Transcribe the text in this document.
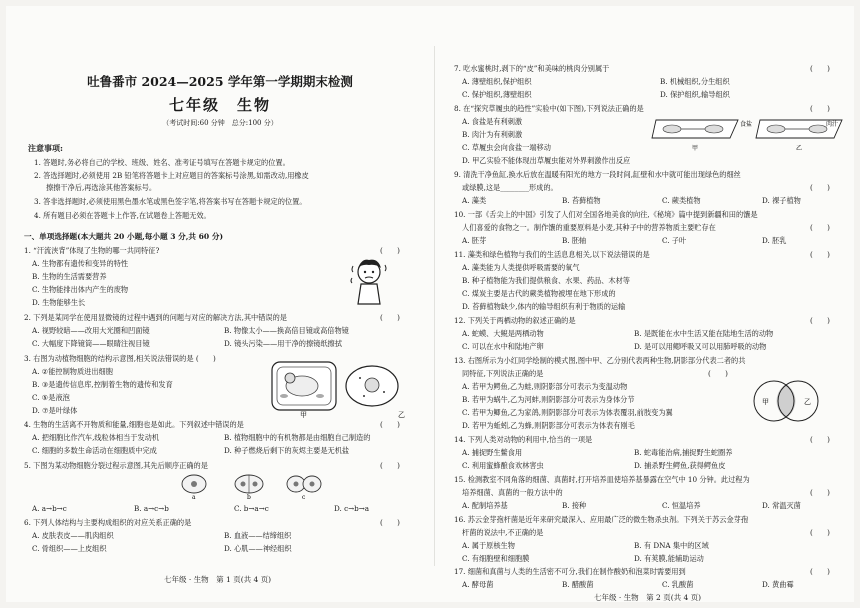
吐鲁番市 2024—2025 学年第一学期期末检测
七年级　生物
（考试时间:60 分钟　总分:100 分）
注意事项:
1. 答题时,务必将自己的学校、班级、姓名、准考证号填写在答题卡规定的位置。
2. 答选择题时,必须使用 2B 铅笔将答题卡上对应题目的答案标号涂黑,如需改动,用橡皮
擦擦干净后,再选涂其他答案标号。
3. 答非选择题时,必须使用黑色墨水笔或黑色签字笔,将答案书写在答题卡规定的位置。
4. 所有题目必须在答题卡上作答,在试题卷上答题无效。
一、单项选择题(本大题共 20 小题,每小题 3 分,共 60 分)
1. “汗流浃背”体现了生物的哪一共同特征?	(　　)
A. 生物都有遗传和变异的特性
B. 生物的生活需要营养
C. 生物能排出体内产生的废物
D. 生物能够生长
2. 下列是某同学在使用显微镜的过程中遇到的问题与对应的解决方法,其中错误的是	(　　)
A. 视野较暗——改用大光圈和凹面镜	B. 物像太小——换高倍目镜或高倍物镜
C. 大幅度下降镜筒——眼睛注视目镜	D. 镜头污染——用干净的擦镜纸擦拭
3. 右图为动植物细胞的结构示意图,相关说法错误的是 (　　)
A. ②能控制物质进出细胞
B. ③是遗传信息库,控制着生物的遗传和发育
C. ⑤是液泡
D. ⑦是叶绿体	甲	乙
4. 生物的生活离不开物质和能量,细胞也是如此。下列叙述中错误的是	(　　)
A. 把细胞比作汽车,线粒体相当于发动机	B. 植物细胞中的有机物都是由细胞自己制造的
C. 细胞的多数生命活动在细胞质中完成	D. 种子燃烧后剩下的灰烬主要是无机盐
5. 下图为某动物细胞分裂过程示意图,其先后顺序正确的是	(　　)
a	b	c
A. a→b→c	B. a→c→b	C. b→a→c	D. c→b→a
6. 下列人体结构与主要构成组织的对应关系正确的是	(　　)
A. 皮肤表皮——肌肉组织	B. 血液——结缔组织
C. 骨组织——上皮组织	D. 心肌——神经组织
七年级 · 生物　第 1 页(共 4 页)
7. 吃水蜜桃时,剥下的“皮”和美味的桃肉分别属于	(　　)
A. 薄壁组织,保护组织	B. 机械组织,分生组织
C. 保护组织,薄壁组织	D. 保护组织,输导组织
8. 在“探究草履虫的趋性”实验中(如下图),下列说法正确的是	(　　)
A. 食盐是有利刺激
B. 肉汁为有利刺激
C. 草履虫会向食盐一端移动
D. 甲乙实验不能体现出草履虫能对外界刺激作出反应
食盐	肉汁
甲	乙
9. 清洗干净鱼缸,换水后放在温暖有阳光的地方一段时间,缸壁和水中就可能出现绿色的细丝
或绿膜,这是________形成的。	(　　)
A. 藻类	B. 苔藓植物	C. 蕨类植物	D. 裸子植物
10. 一部《舌尖上的中国》引发了人们对全国各地美食的向往,《秘境》篇中提到新疆和田的馕是
人们喜爱的食物之一。制作馕的重要原料是小麦,其种子中的营养物质主要贮存在	(　　)
A. 胚芽	B. 胚轴	C. 子叶	D. 胚乳
11. 藻类和绿色植物与我们的生活息息相关,以下说法错误的是	(　　)
A. 藻类能为人类提供呼吸需要的氧气
B. 种子植物能为我们提供粮食、水果、药品、木材等
C. 煤炭主要是古代的蕨类植物被埋在地下形成的
D. 苔藓植物缺少,体内的输导组织有利于物质的运输
12. 下列关于两栖动物的叙述正确的是	(　　)
A. 蛇蟆、大鲵是两栖动物	B. 是既能在水中生活又能在陆地生活的动物
C. 可以在水中和陆地产卵	D. 是可以用鳃呼吸又可以用肺呼吸的动物
13. 右图所示为小红同学绘制的模式图,图中甲、乙分别代表两种生物,阴影部分代表二者的共
同特征,下列说法正确的是	(　　)
A. 若甲为鳄鱼,乙为蛙,则阴影部分可表示为变温动物
B. 若甲为蜗牛,乙为河蚌,则阴影部分可表示为身体分节
C. 若甲为鲫鱼,乙为家鸽,则阴影部分可表示为体表覆羽,前肢变为翼
D. 若甲为蚯蚓,乙为蜂,则阴影部分可表示为体表有刚毛
甲	乙
14. 下列人类对动物的利用中,恰当的一项是	(　　)
A. 捕捉野生鳖食用	B. 蛇毒能治病,捕捉野生蛇圈养
C. 利用蜜蜂酿食欢林害虫	D. 捕杀野生鳄鱼,获得鳄鱼皮
15. 检测教室不同角落的细菌、真菌时,打开培养皿使培养基暴露在空气中 10 分钟。此过程为
培养细菌、真菌的一般方法中的	(　　)
A. 配制培养基	B. 接种	C. 恒温培养	D. 常温灭菌
16. 苏云金芽孢杆菌是近年来研究最深入、应用最广泛的微生物杀虫剂。下列关于苏云金芽孢
杆菌的说法中,不正确的是	(　　)
A. 属于原核生物	B. 有 DNA 集中的区域
C. 有细胞壁和细胞膜	D. 有荚膜,能辅助运动
17. 细菌和真菌与人类的生活密不可分,我们在制作酸奶和泡菜时需要用到	(　　)
A. 酵母菌	B. 醋酸菌	C. 乳酸菌	D. 黄曲霉
七年级 · 生物　第 2 页(共 4 页)
